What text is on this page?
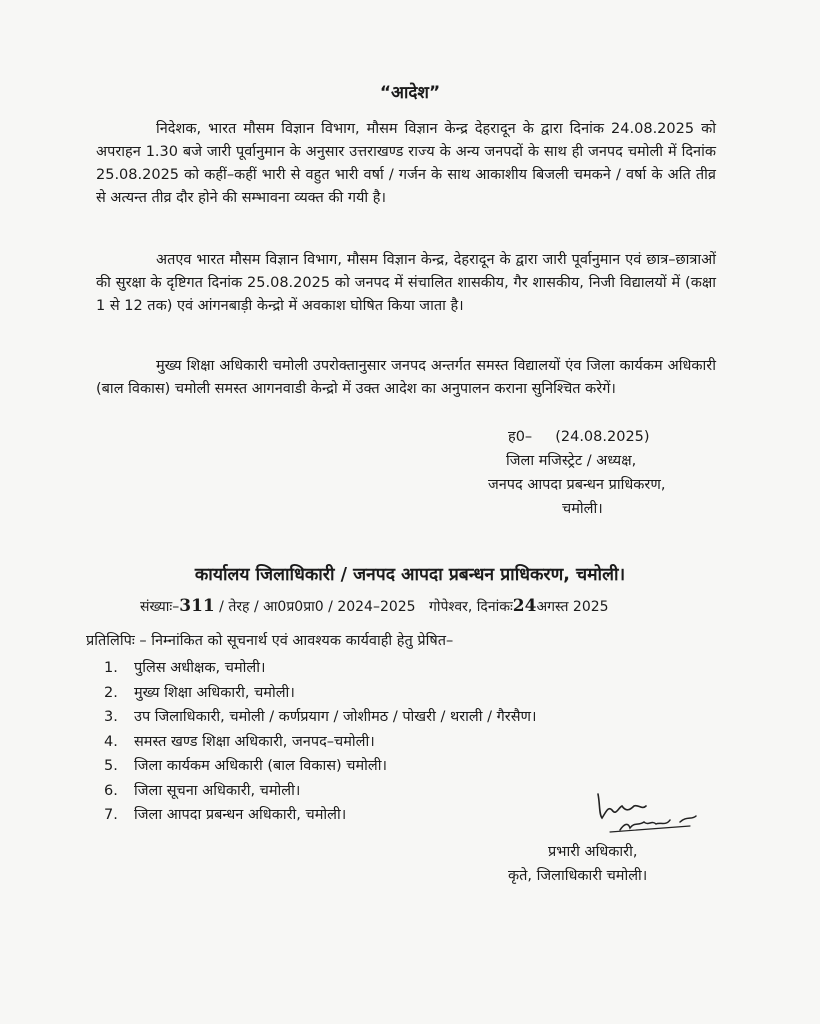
“आदेश”

निदेशक, भारत मौसम विज्ञान विभाग, मौसम विज्ञान केन्द्र देहरादून के द्वारा दिनांक 24.08.2025 को अपराहन 1.30 बजे जारी पूर्वानुमान के अनुसार उत्तराखण्ड राज्य के अन्य जनपदों के साथ ही जनपद चमोली में दिनांक 25.08.2025 को कहीं–कहीं भारी से वहुत भारी वर्षा / गर्जन के साथ आकाशीय बिजली चमकने / वर्षा के अति तीव्र से अत्यन्त तीव्र दौर होने की सम्भावना व्यक्त की गयी है।

अतएव भारत मौसम विज्ञान विभाग, मौसम विज्ञान केन्द्र, देहरादून के द्वारा जारी पूर्वानुमान एवं छात्र–छात्राओं की सुरक्षा के दृष्टिगत दिनांक 25.08.2025 को जनपद में संचालित शासकीय, गैर शासकीय, निजी विद्यालयों में (कक्षा 1 से 12 तक) एवं आंगनबाड़ी केन्द्रो में अवकाश घोषित किया जाता है।

मुख्य शिक्षा अधिकारी चमोली उपरोक्तानुसार जनपद अन्तर्गत समस्त विद्यालयों एंव जिला कार्यकम अधिकारी (बाल विकास) चमोली समस्त आगनवाडी केन्द्रो में उक्त आदेश का अनुपालन कराना सुनिश्चित करेगें।

ह0–     (24.08.2025)
जिला मजिस्ट्रेट / अध्यक्ष,
जनपद आपदा प्रबन्धन प्राधिकरण,
चमोली।
कार्यालय जिलाधिकारी / जनपद आपदा प्रबन्धन प्राधिकरण, चमोली।
संख्याः–311 / तेरह / आ0प्र0प्रा0 / 2024–2025 गोपेश्वर, दिनांकः24अगस्त 2025
प्रतिलिपिः – निम्नांकित को सूचनार्थ एवं आवश्यक कार्यवाही हेतु प्रेषित–
1. पुलिस अधीक्षक, चमोली।
2. मुख्य शिक्षा अधिकारी, चमोली।
3. उप जिलाधिकारी, चमोली / कर्णप्रयाग / जोशीमठ / पोखरी / थराली / गैरसैण।
4. समस्त खण्ड शिक्षा अधिकारी, जनपद–चमोली।
5. जिला कार्यकम अधिकारी (बाल विकास) चमोली।
6. जिला सूचना अधिकारी, चमोली।
7. जिला आपदा प्रबन्धन अधिकारी, चमोली।
प्रभारी अधिकारी,
कृते, जिलाधिकारी चमोली।
